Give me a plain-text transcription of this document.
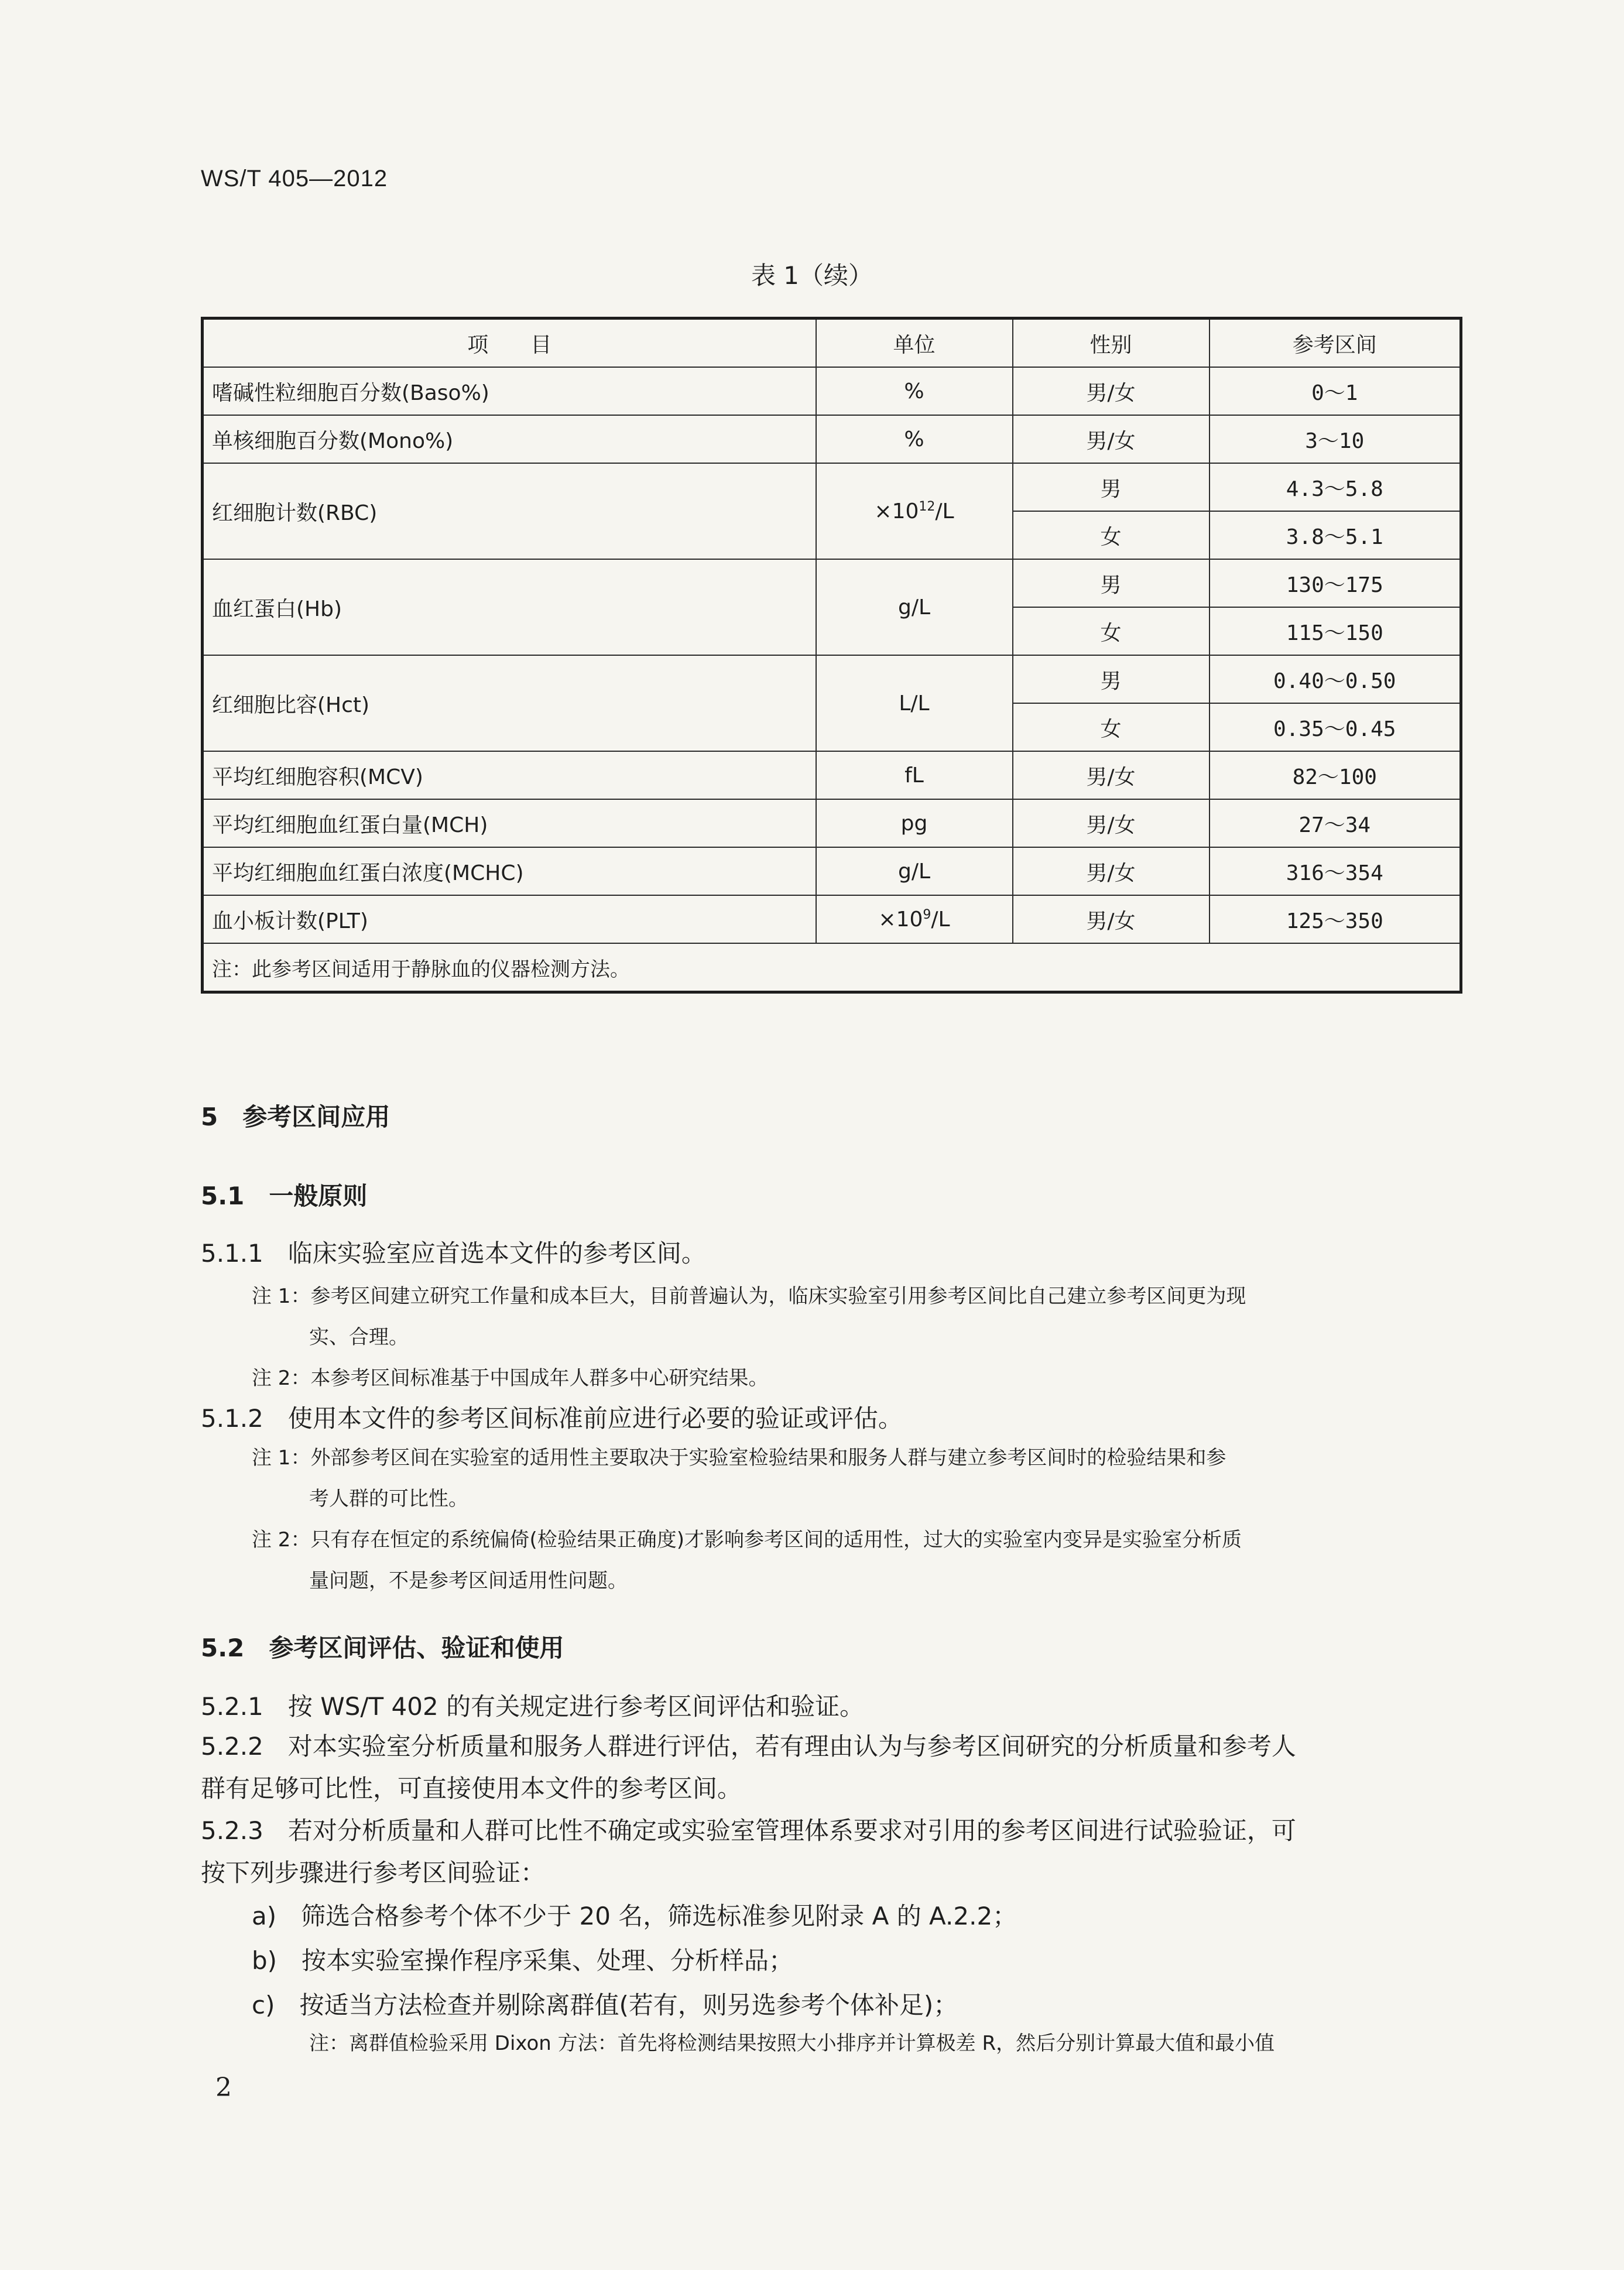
WS/T 405—2012
表 1（续）
项　　目	单位	性别	参考区间
嗜碱性粒细胞百分数(Baso%)	%	男/女	0～1
单核细胞百分数(Mono%)	%	男/女	3～10
红细胞计数(RBC)	$\times 10^{12}/L$	男	4.3～5.8
		女	3.8～5.1
血红蛋白(Hb)	g/L	男	130～175
		女	115～150
红细胞比容(Hct)	L/L	男	0.40～0.50
		女	0.35～0.45
平均红细胞容积(MCV)	fL	男/女	82～100
平均红细胞血红蛋白量(MCH)	pg	男/女	27～34
平均红细胞血红蛋白浓度(MCHC)	g/L	男/女	316～354
血小板计数(PLT)	$\times 10^9/L$	男/女	125～350
注：此参考区间适用于静脉血的仪器检测方法。			
5　参考区间应用
5.1　一般原则
5.1.1　临床实验室应首选本文件的参考区间。
注 1：参考区间建立研究工作量和成本巨大，目前普遍认为，临床实验室引用参考区间比自己建立参考区间更为现
实、合理。
注 2：本参考区间标准基于中国成年人群多中心研究结果。
5.1.2　使用本文件的参考区间标准前应进行必要的验证或评估。
注 1：外部参考区间在实验室的适用性主要取决于实验室检验结果和服务人群与建立参考区间时的检验结果和参
考人群的可比性。
注 2：只有存在恒定的系统偏倚(检验结果正确度)才影响参考区间的适用性，过大的实验室内变异是实验室分析质
量问题，不是参考区间适用性问题。
5.2　参考区间评估、验证和使用
5.2.1　按 WS/T 402 的有关规定进行参考区间评估和验证。
5.2.2　对本实验室分析质量和服务人群进行评估，若有理由认为与参考区间研究的分析质量和参考人
群有足够可比性，可直接使用本文件的参考区间。
5.2.3　若对分析质量和人群可比性不确定或实验室管理体系要求对引用的参考区间进行试验验证，可
按下列步骤进行参考区间验证：
a)　筛选合格参考个体不少于 20 名，筛选标准参见附录 A 的 A.2.2；
b)　按本实验室操作程序采集、处理、分析样品；
c)　按适当方法检查并剔除离群值(若有，则另选参考个体补足)；
注：离群值检验采用 Dixon 方法：首先将检测结果按照大小排序并计算极差 R，然后分别计算最大值和最小值
2
